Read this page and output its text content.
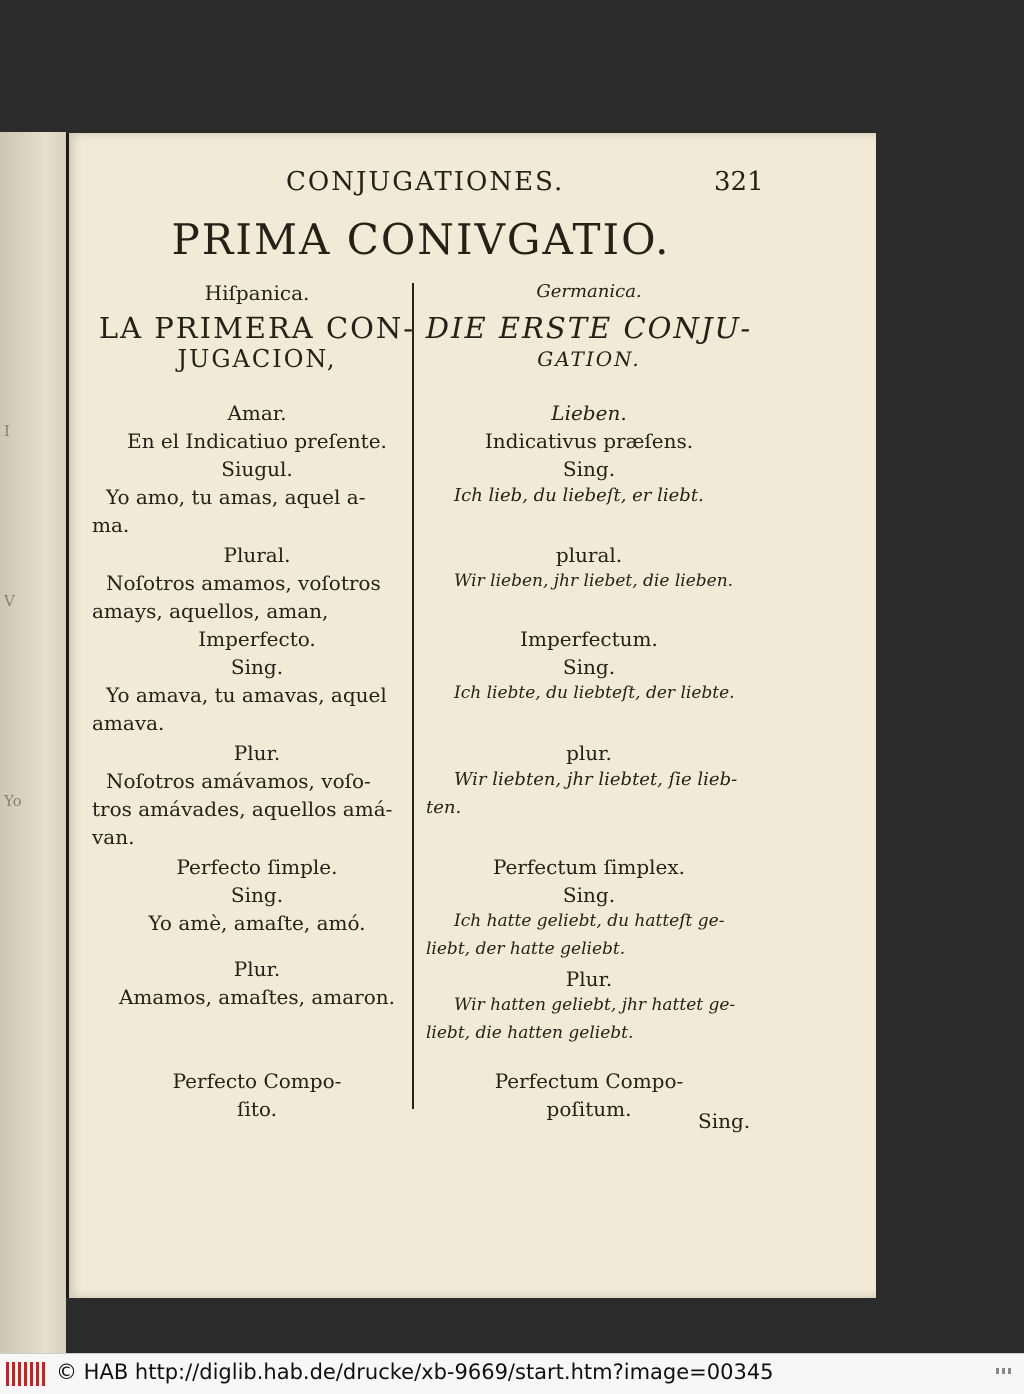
I
V
Yo
CONJUGATIONES.	321
PRIMA CONIVGATIO.
Hiſpanica.
LA PRIMERA CON-
JUGACION,
Amar.
En el Indicatiuo preſente.
Siugul.
Yo amo, tu amas, aquel a-
ma.
Plural.
Noſotros amamos, voſotros
amays, aquellos, aman,
Imperfecto.
Sing.
Yo amava, tu amavas, aquel
amava.
Plur.
Noſotros amávamos, voſo-
tros amávades, aquellos amá-
van.
Perfecto ſimple.
Sing.
Yo amè, amaſte, amó.
Plur.
Amamos, amaſtes, amaron.
Perfecto Compo-
ſito.
Germanica.
DIE ERSTE CONJU-
GATION.
Lieben.
Indicativus præſens.
Sing.
Ich lieb, du liebeſt, er liebt.
plural.
Wir lieben, jhr liebet, die lieben.
Imperfectum.
Sing.
Ich liebte, du liebteſt, der liebte.
plur.
Wir liebten, jhr liebtet, ſie lieb-
ten.
Perfectum ſimplex.
Sing.
Ich hatte geliebt, du hatteſt ge-
liebt, der hatte geliebt.
Plur.
Wir hatten geliebt, jhr hattet ge-
liebt, die hatten geliebt.
Perfectum Compo-
poſitum.	Sing.
© HAB http://diglib.hab.de/drucke/xb-9669/start.htm?image=00345
